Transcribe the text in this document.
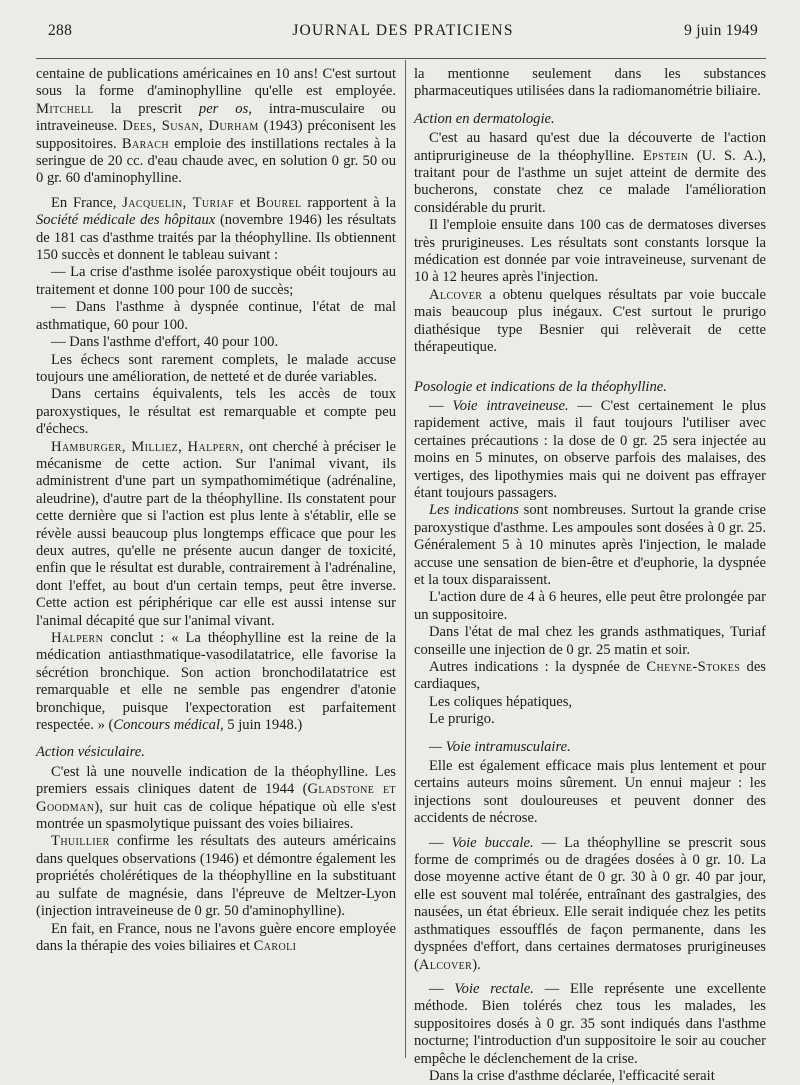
288	JOURNAL DES PRATICIENS	9 juin 1949

centaine de publications américaines en 10 ans! C'est surtout sous la forme d'aminophylline qu'elle est employée. Mitchell la prescrit per os, intra-musculaire ou intraveineuse. Dees, Susan, Durham (1943) préconisent les suppositoires. Barach emploie des instillations rectales à la seringue de 20 cc. d'eau chaude avec, en solution 0 gr. 50 ou 0 gr. 60 d'aminophylline.

En France, Jacquelin, Turiaf et Bourel rapportent à la Société médicale des hôpitaux (novembre 1946) les résultats de 181 cas d'asthme traités par la théophylline. Ils obtiennent 150 succès et donnent le tableau suivant :

— La crise d'asthme isolée paroxystique obéit toujours au traitement et donne 100 pour 100 de succès;

— Dans l'asthme à dyspnée continue, l'état de mal asthmatique, 60 pour 100.

— Dans l'asthme d'effort, 40 pour 100.

Les échecs sont rarement complets, le malade accuse toujours une amélioration, de netteté et de durée variables.

Dans certains équivalents, tels les accès de toux paroxystiques, le résultat est remarquable et compte peu d'échecs.

Hamburger, Milliez, Halpern, ont cherché à préciser le mécanisme de cette action. Sur l'animal vivant, ils administrent d'une part un sympathomimétique (adrénaline, aleudrine), d'autre part de la théophylline. Ils constatent pour cette dernière que si l'action est plus lente à s'établir, elle se révèle aussi beaucoup plus longtemps efficace que pour les deux autres, qu'elle ne présente aucun danger de toxicité, enfin que le résultat est durable, contrairement à l'adrénaline, dont l'effet, au bout d'un certain temps, peut être inverse. Cette action est périphérique car elle est aussi intense sur l'animal décapité que sur l'animal vivant.

Halpern conclut : « La théophylline est la reine de la médication antiasthmatique-vasodilatatrice, elle favorise la sécrétion bronchique. Son action bronchodilatatrice est remarquable et elle ne semble pas engendrer d'atonie bronchique, puisque l'expectoration est parfaitement respectée. » (Concours médical, 5 juin 1948.)

Action vésiculaire.

C'est là une nouvelle indication de la théophylline. Les premiers essais cliniques datent de 1944 (Gladstone et Goodman), sur huit cas de colique hépatique où elle s'est montrée un spasmolytique puissant des voies biliaires.

Thuillier confirme les résultats des auteurs américains dans quelques observations (1946) et démontre également les propriétés cholérétiques de la théophylline en la substituant au sulfate de magnésie, dans l'épreuve de Meltzer-Lyon (injection intraveineuse de 0 gr. 50 d'aminophylline).

En fait, en France, nous ne l'avons guère encore employée dans la thérapie des voies biliaires et Caroli

la mentionne seulement dans les substances pharmaceutiques utilisées dans la radiomanométrie biliaire.

Action en dermatologie.

C'est au hasard qu'est due la découverte de l'action antiprurigineuse de la théophylline. Epstein (U. S. A.), traitant pour de l'asthme un sujet atteint de dermite des bucherons, constate chez ce malade l'amélioration considérable du prurit.

Il l'emploie ensuite dans 100 cas de dermatoses diverses très prurigineuses. Les résultats sont constants lorsque la médication est donnée par voie intraveineuse, survenant de 10 à 12 heures après l'injection.

Alcover a obtenu quelques résultats par voie buccale mais beaucoup plus inégaux. C'est surtout le prurigo diathésique type Besnier qui relèverait de cette thérapeutique.

Posologie et indications de la théophylline.

— Voie intraveineuse. — C'est certainement le plus rapidement active, mais il faut toujours l'utiliser avec certaines précautions : la dose de 0 gr. 25 sera injectée au moins en 5 minutes, on observe parfois des malaises, des vertiges, des lipothymies mais qui ne doivent pas effrayer étant toujours passagers.

Les indications sont nombreuses. Surtout la grande crise paroxystique d'asthme. Les ampoules sont dosées à 0 gr. 25. Généralement 5 à 10 minutes après l'injection, le malade accuse une sensation de bien-être et d'euphorie, la dyspnée et la toux disparaissent.

L'action dure de 4 à 6 heures, elle peut être prolongée par un suppositoire.

Dans l'état de mal chez les grands asthmatiques, Turiaf conseille une injection de 0 gr. 25 matin et soir.

Autres indications : la dyspnée de Cheyne-Stokes des cardiaques,

Les coliques hépatiques,

Le prurigo.

— Voie intramusculaire.

Elle est également efficace mais plus lentement et pour certains auteurs moins sûrement. Un ennui majeur : les injections sont douloureuses et peuvent donner des accidents de nécrose.

— Voie buccale. — La théophylline se prescrit sous forme de comprimés ou de dragées dosées à 0 gr. 10. La dose moyenne active étant de 0 gr. 30 à 0 gr. 40 par jour, elle est souvent mal tolérée, entraînant des gastralgies, des nausées, un état ébrieux. Elle serait indiquée chez les petits asthmatiques essoufflés de façon permanente, dans les dyspnées d'effort, dans certaines dermatoses prurigineuses (Alcover).

— Voie rectale. — Elle représente une excellente méthode. Bien tolérés chez tous les malades, les suppositoires dosés à 0 gr. 35 sont indiqués dans l'asthme nocturne; l'introduction d'un suppositoire le soir au coucher empêche le déclenchement de la crise.

Dans la crise d'asthme déclarée, l'efficacité serait
